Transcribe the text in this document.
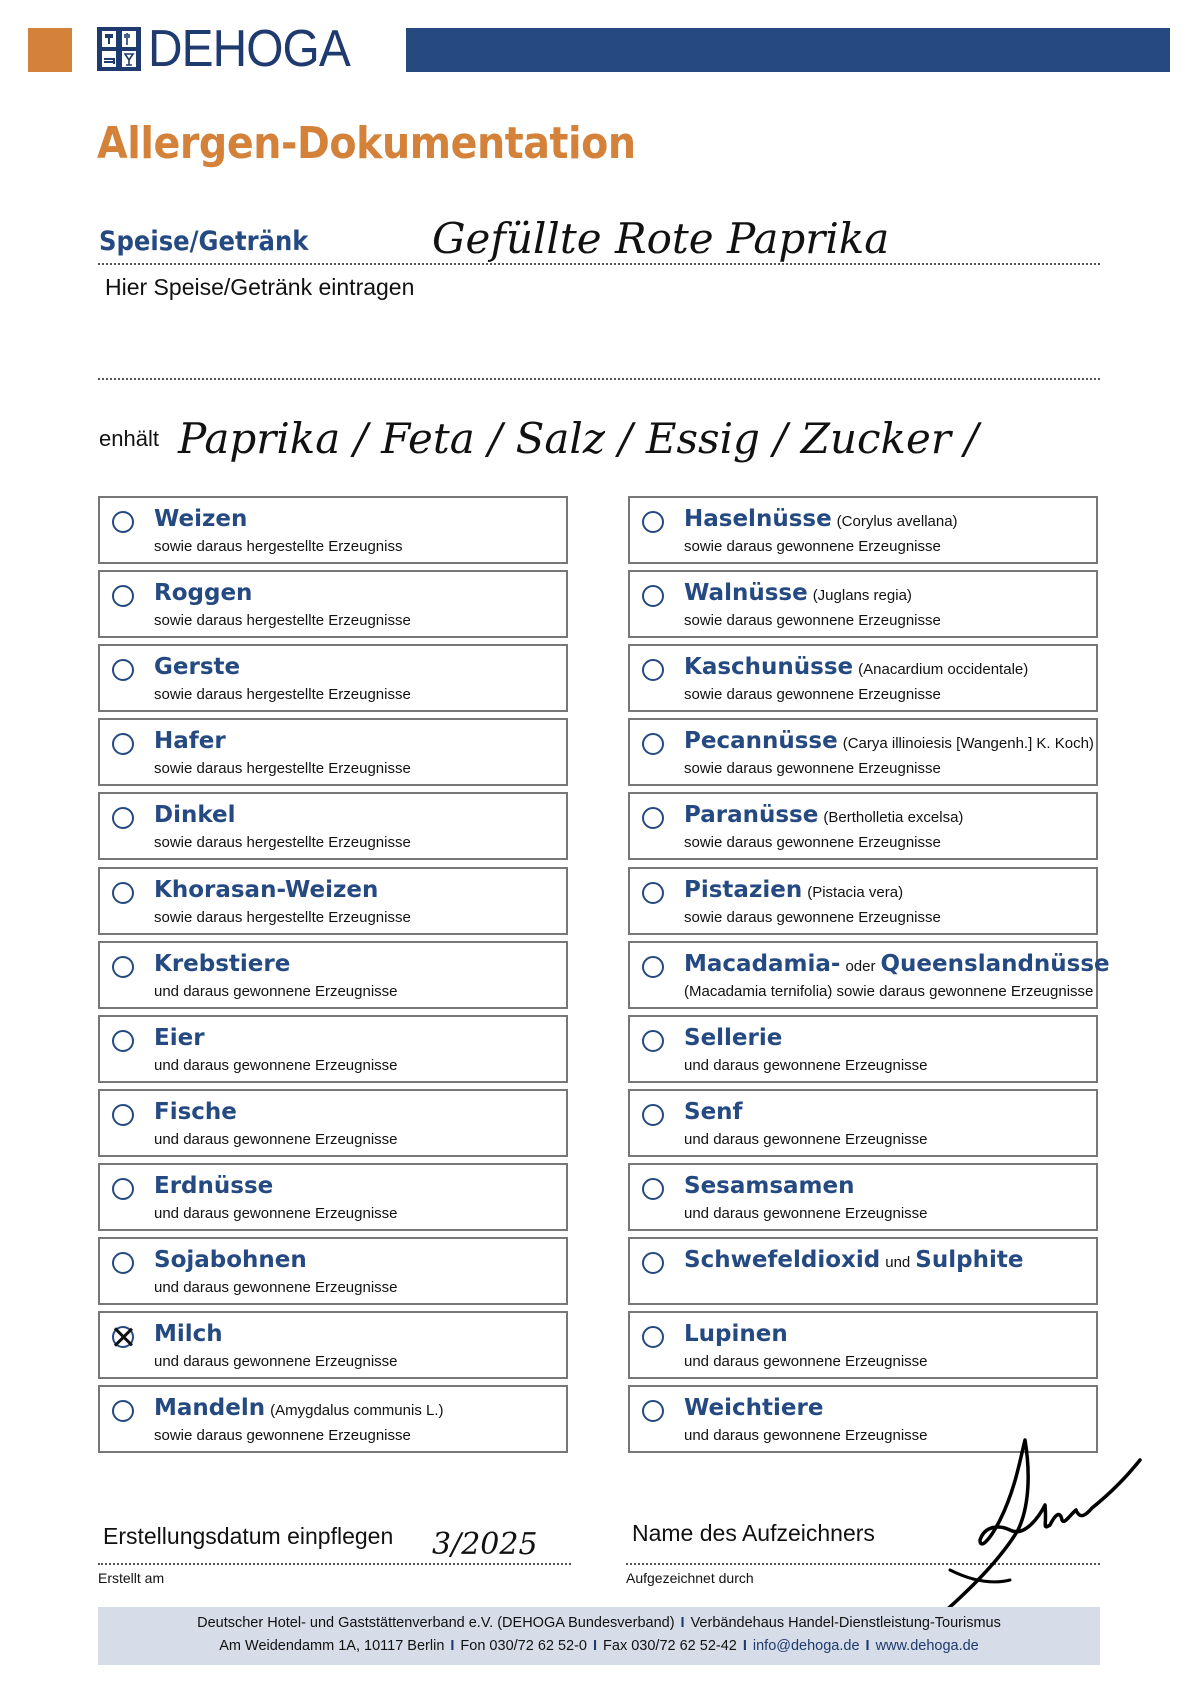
DEHOGA
Allergen-Dokumentation
Speise/Getränk	Gefüllte Rote Paprika
Hier Speise/Getränk eintragen
enhält Paprika / Feta / Salz / Essig / Zucker /
Weizen
sowie daraus hergestellte Erzeugniss
Roggen
sowie daraus hergestellte Erzeugnisse
Gerste
sowie daraus hergestellte Erzeugnisse
Hafer
sowie daraus hergestellte Erzeugnisse
Dinkel
sowie daraus hergestellte Erzeugnisse
Khorasan-Weizen
sowie daraus hergestellte Erzeugnisse
Krebstiere
und daraus gewonnene Erzeugnisse
Eier
und daraus gewonnene Erzeugnisse
Fische
und daraus gewonnene Erzeugnisse
Erdnüsse
und daraus gewonnene Erzeugnisse
Sojabohnen
und daraus gewonnene Erzeugnisse
Milch
und daraus gewonnene Erzeugnisse
Mandeln (Amygdalus communis L.)
sowie daraus gewonnene Erzeugnisse
Haselnüsse (Corylus avellana)
sowie daraus gewonnene Erzeugnisse
Walnüsse (Juglans regia)
sowie daraus gewonnene Erzeugnisse
Kaschunüsse (Anacardium occidentale)
sowie daraus gewonnene Erzeugnisse
Pecannüsse (Carya illinoiesis [Wangenh.] K. Koch)
sowie daraus gewonnene Erzeugnisse
Paranüsse (Bertholletia excelsa)
sowie daraus gewonnene Erzeugnisse
Pistazien (Pistacia vera)
sowie daraus gewonnene Erzeugnisse
Macadamia- oder Queenslandnüsse
(Macadamia ternifolia) sowie daraus gewonnene Erzeugnisse
Sellerie
und daraus gewonnene Erzeugnisse
Senf
und daraus gewonnene Erzeugnisse
Sesamsamen
und daraus gewonnene Erzeugnisse
Schwefeldioxid und Sulphite
Lupinen
und daraus gewonnene Erzeugnisse
Weichtiere
und daraus gewonnene Erzeugnisse
Erstellungsdatum einpflegen 3/2025
Erstellt am
Name des Aufzeichners
Aufgezeichnet durch
Deutscher Hotel- und Gaststättenverband e.V. (DEHOGA Bundesverband) I Verbändehaus Handel-Dienstleistung-Tourismus
Am Weidendamm 1A, 10117 Berlin I Fon 030/72 62 52-0 I Fax 030/72 62 52-42 I info@dehoga.de I www.dehoga.de
